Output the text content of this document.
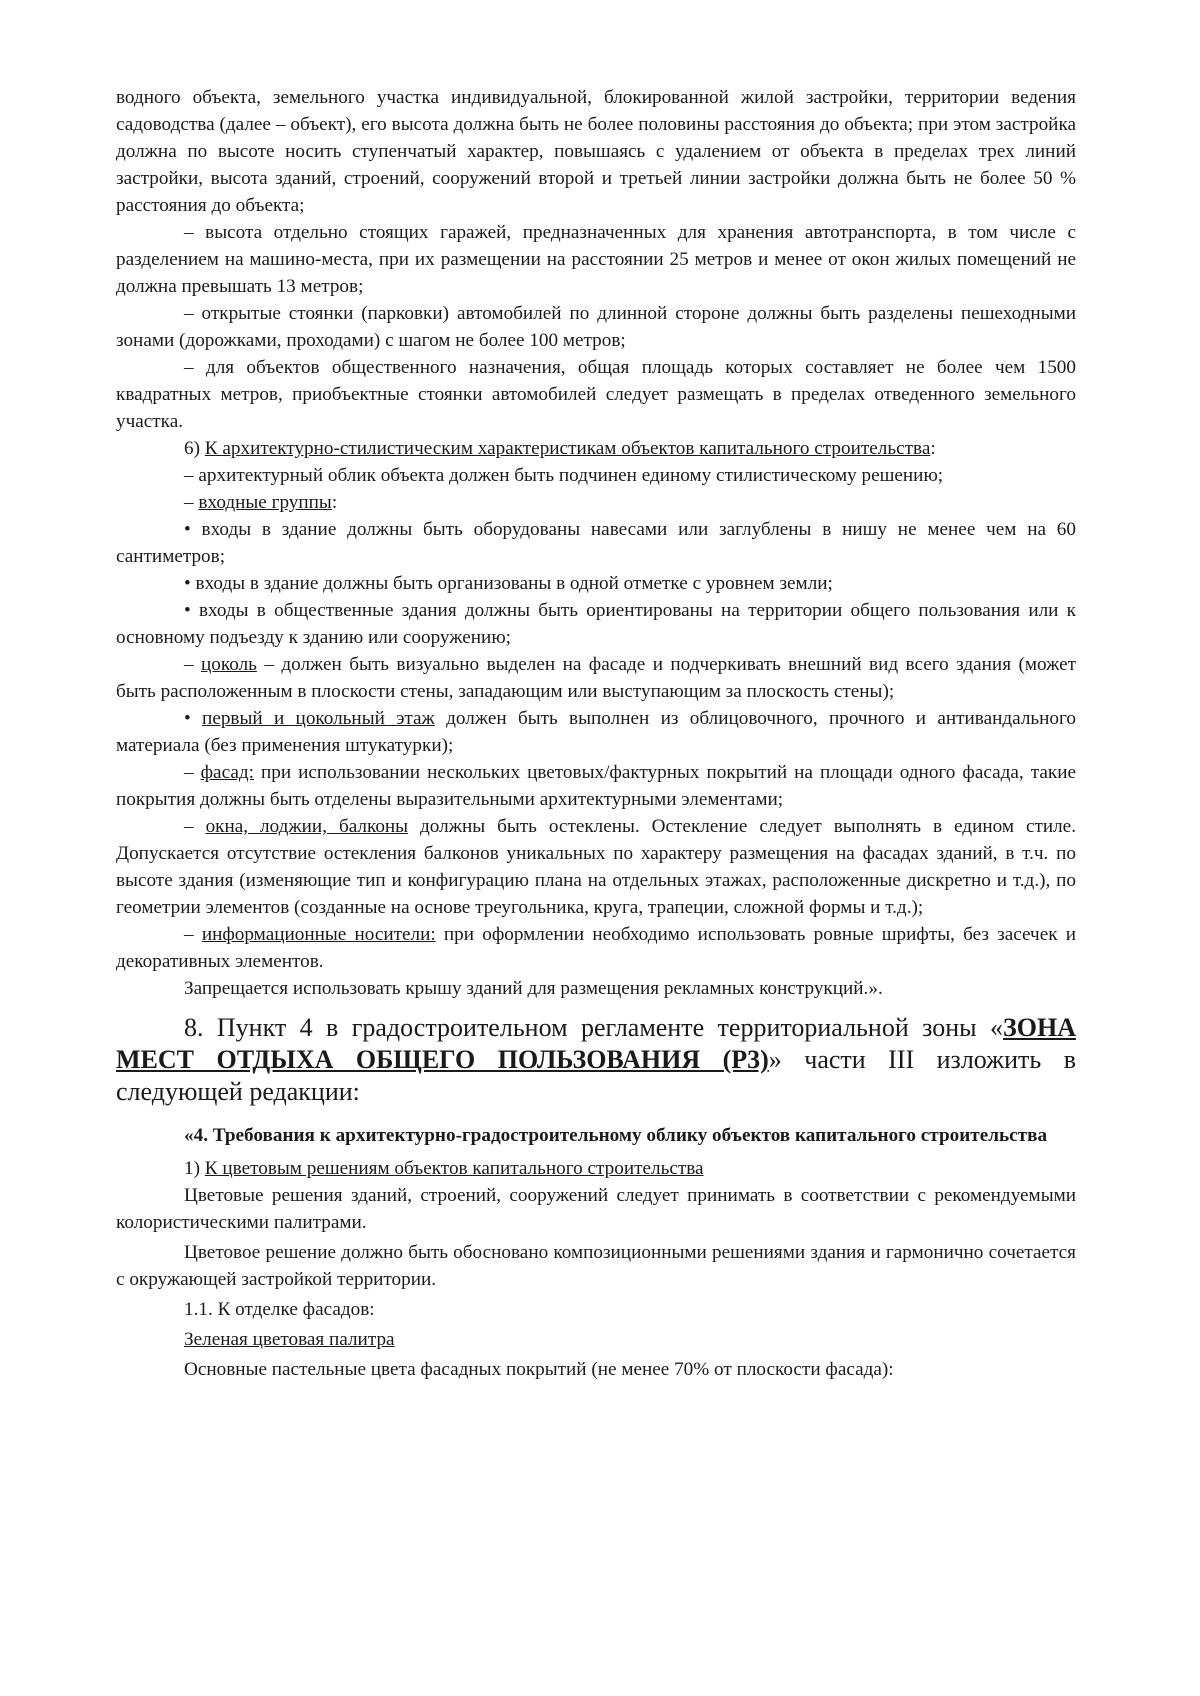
водного объекта, земельного участка индивидуальной, блокированной жилой застройки, территории ведения садоводства (далее – объект), его высота должна быть не более половины расстояния до объекта; при этом застройка должна по высоте носить ступенчатый характер, повышаясь с удалением от объекта в пределах трех линий застройки, высота зданий, строений, сооружений второй и третьей линии застройки должна быть не более 50 % расстояния до объекта;

– высота отдельно стоящих гаражей, предназначенных для хранения автотранспорта, в том числе с разделением на машино-места, при их размещении на расстоянии 25 метров и менее от окон жилых помещений не должна превышать 13 метров;

– открытые стоянки (парковки) автомобилей по длинной стороне должны быть разделены пешеходными зонами (дорожками, проходами) с шагом не более 100 метров;

– для объектов общественного назначения, общая площадь которых составляет не более чем 1500 квадратных метров, приобъектные стоянки автомобилей следует размещать в пределах отведенного земельного участка.

6) К архитектурно-стилистическим характеристикам объектов капитального строительства:

– архитектурный облик объекта должен быть подчинен единому стилистическому решению;

– входные группы:

• входы в здание должны быть оборудованы навесами или заглублены в нишу не менее чем на 60 сантиметров;

• входы в здание должны быть организованы в одной отметке с уровнем земли;

• входы в общественные здания должны быть ориентированы на территории общего пользования или к основному подъезду к зданию или сооружению;

– цоколь – должен быть визуально выделен на фасаде и подчеркивать внешний вид всего здания (может быть расположенным в плоскости стены, западающим или выступающим за плоскость стены);

• первый и цокольный этаж должен быть выполнен из облицовочного, прочного и антивандального материала (без применения штукатурки);

– фасад: при использовании нескольких цветовых/фактурных покрытий на площади одного фасада, такие покрытия должны быть отделены выразительными архитектурными элементами;

– окна, лоджии, балконы должны быть остеклены. Остекление следует выполнять в едином стиле. Допускается отсутствие остекления балконов уникальных по характеру размещения на фасадах зданий, в т.ч. по высоте здания (изменяющие тип и конфигурацию плана на отдельных этажах, расположенные дискретно и т.д.), по геометрии элементов (созданные на основе треугольника, круга, трапеции, сложной формы и т.д.);

– информационные носители: при оформлении необходимо использовать ровные шрифты, без засечек и декоративных элементов.

Запрещается использовать крышу зданий для размещения рекламных конструкций.».

8. Пункт 4 в градостроительном регламенте территориальной зоны «ЗОНА МЕСТ ОТДЫХА ОБЩЕГО ПОЛЬЗОВАНИЯ (Р3)» части III изложить в следующей редакции:

«4. Требования к архитектурно-градостроительному облику объектов капитального строительства

1) К цветовым решениям объектов капитального строительства

Цветовые решения зданий, строений, сооружений следует принимать в соответствии с рекомендуемыми колористическими палитрами.

Цветовое решение должно быть обосновано композиционными решениями здания и гармонично сочетается с окружающей застройкой территории.

1.1. К отделке фасадов:

Зеленая цветовая палитра

Основные пастельные цвета фасадных покрытий (не менее 70% от плоскости фасада):
